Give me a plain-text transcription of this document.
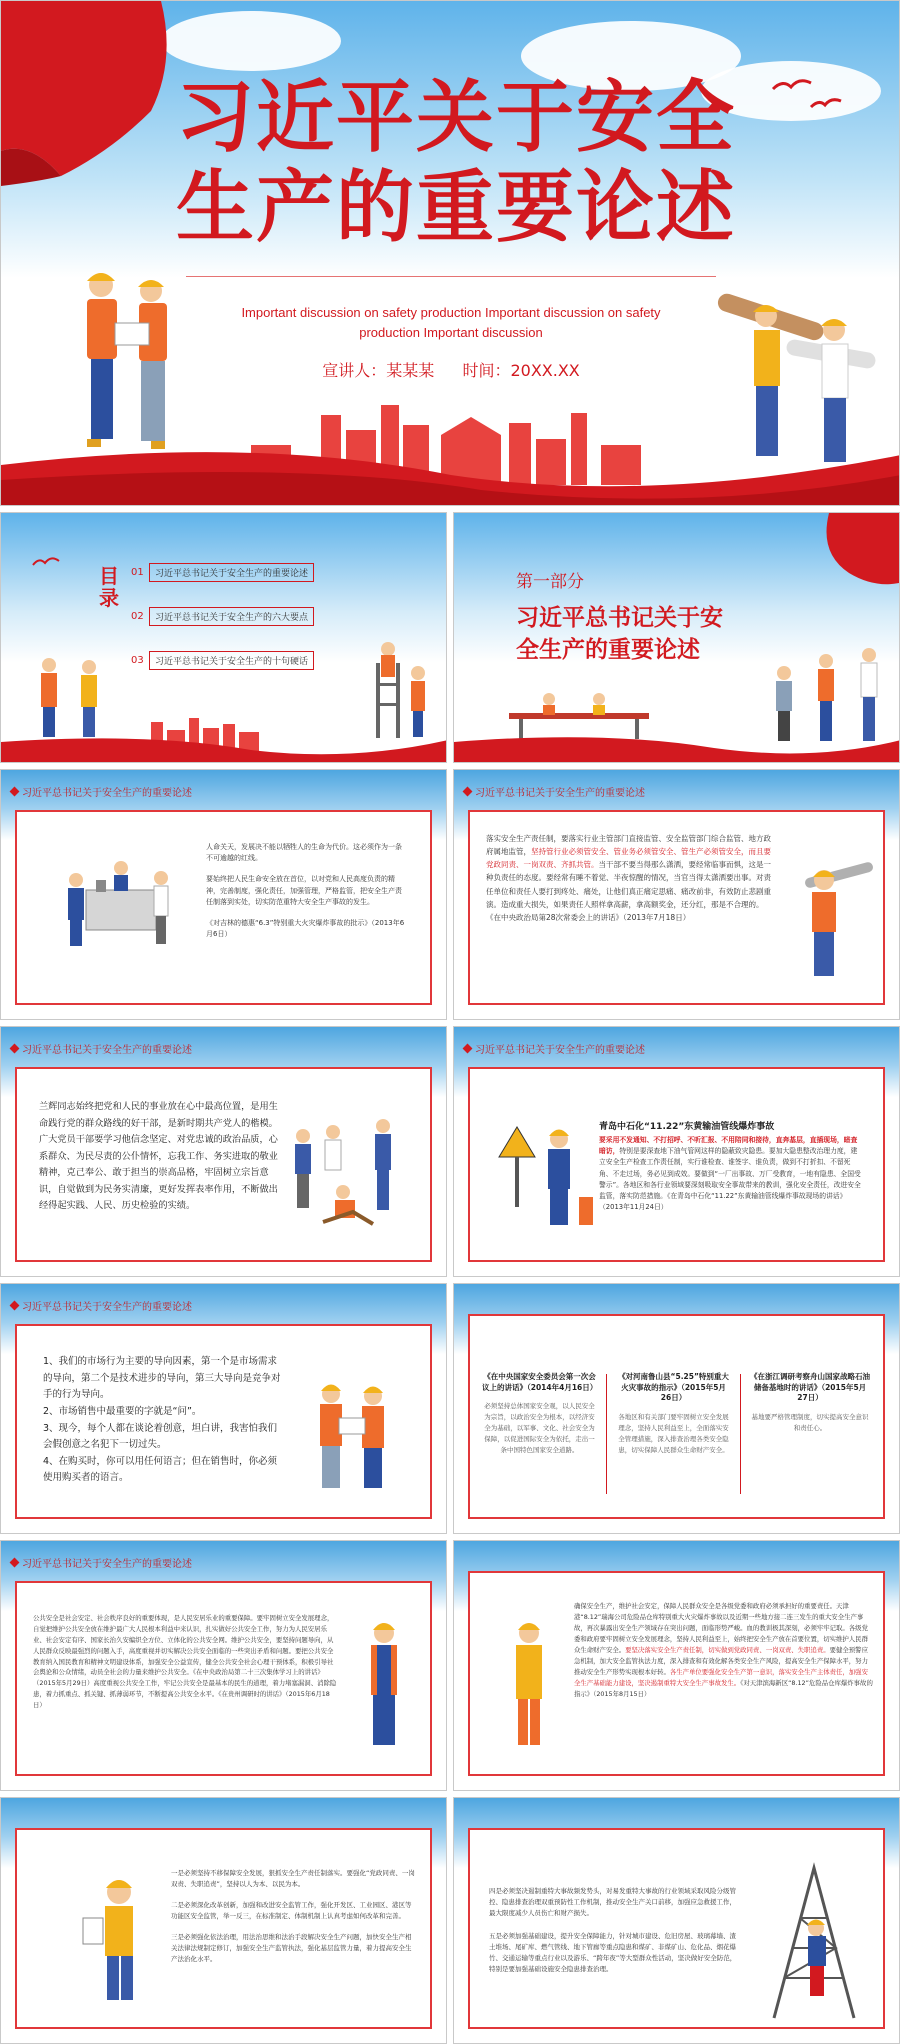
习近平关于安全
生产的重要论述
Important discussion on safety production Important discussion on safety
production Important discussion
宣讲人：某某某 时间：20XX.XX
目录
01	习近平总书记关于安全生产的重要论述
02	习近平总书记关于安全生产的六大要点
03	习近平总书记关于安全生产的十句硬话
第一部分
习近平总书记关于安
全生产的重要论述
习近平总书记关于安全生产的重要论述

人命关天，发展决不能以牺牲人的生命为代价。这必须作为一条不可逾越的红线。

要始终把人民生命安全放在首位，以对党和人民高度负责的精神，完善制度，强化责任，加强管理，严格监管，把安全生产责任制落到实处，切实防范重特大安全生产事故的发生。

《对吉林的德惠“6.3”特别重大火灾爆炸事故的批示》（2013年6月6日）

习近平总书记关于安全生产的重要论述
落实安全生产责任制，要落实行业主管部门直接监管、安全监管部门综合监管、地方政府属地监管，坚持管行业必须管安全、管业务必须管安全、管生产必须管安全，而且要党政同责、一岗双责、齐抓共管。当干部不要当得那么潇洒，要经常临事而惧，这是一种负责任的态度。要经常有睡不着觉、半夜惊醒的情况，当官当得太潇洒要出事。对责任单位和责任人要打到疼处、痛处，让他们真正痛定思痛、痛改前非，有效防止悲剧重演。造成重大损失，如果责任人照样拿高薪，拿高额奖金，还分红，那是不合理的。《在中央政治局第28次常委会上的讲话》（2013年7月18日）
习近平总书记关于安全生产的重要论述
兰辉同志始终把党和人民的事业放在心中最高位置，是用生命践行党的群众路线的好干部，是新时期共产党人的楷模。广大党员干部要学习他信念坚定、对党忠诚的政治品质，心系群众、为民尽责的公仆情怀，忘我工作、务实进取的敬业精神，克己奉公、敢于担当的崇高品格，牢固树立宗旨意识，自觉做到为民务实清廉，更好发挥表率作用，不断做出经得起实践、人民、历史检验的实绩。
习近平总书记关于安全生产的重要论述
青岛中石化“11.22”东黄输油管线爆炸事故
要采用不发通知、不打招呼、不听汇报、不用陪同和接待，直奔基层，直插现场，暗查暗访，特别是要深查地下油气管网这样的隐蔽致灾隐患。要加大隐患整改治理力度，建立安全生产检查工作责任制，实行谁检查、谁签字、谁负责，做到不打折扣、不留死角、不走过场，务必见到成效。要做到“一厂出事故、万厂受教育，一地有隐患、全国受警示”。各地区和各行业领域要深刻吸取安全事故带来的教训，强化安全责任，改进安全监管，落实防范措施。《在青岛中石化“11.22”东黄输油管线爆炸事故现场的讲话》（2013年11月24日）
习近平总书记关于安全生产的重要论述

1、我们的市场行为主要的导向因素，第一个是市场需求的导向，第二个是技术进步的导向，第三大导向是竞争对手的行为导向。

2、市场销售中最重要的字就是“问”。

3、现今，每个人都在谈论着创意，坦白讲，我害怕我们会假创意之名犯下一切过失。

4、在购买时，你可以用任何语言；但在销售时，你必须使用购买者的语言。

《在中央国家安全委员会第一次会议上的讲话》（2014年4月16日）
必须坚持总体国家安全观，以人民安全为宗旨，以政治安全为根本，以经济安全为基础，以军事、文化、社会安全为保障，以促进国际安全为依托，走出一条中国特色国家安全道路。
《对河南鲁山县“5.25”特别重大火灾事故的指示》（2015年5月26日）
各地区和有关部门要牢固树立安全发展理念，坚持人民利益至上，全面落实安全管理措施，深入排查治理各类安全隐患，切实保障人民群众生命财产安全。
《在浙江调研考察舟山国家战略石油储备基地时的讲话》（2015年5月27日）
基地要严格管理制度，切实提高安全意识和责任心。
习近平总书记关于安全生产的重要论述
公共安全是社会安定、社会秩序良好的重要体现，是人民安居乐业的重要保障。要牢固树立安全发展理念，自觉把维护公共安全放在维护最广大人民根本利益中来认识，扎实做好公共安全工作，努力为人民安居乐业、社会安定有序、国家长治久安编织全方位、立体化的公共安全网。维护公共安全，要坚持问题导向，从人民群众反映最强烈的问题入手，高度重视并切实解决公共安全面临的一些突出矛盾和问题。要把公共安全教育纳入国民教育和精神文明建设体系，加强安全公益宣传，健全公共安全社会心理干预体系，积极引导社会舆论和公众情绪，动员全社会的力量来维护公共安全。《在中央政治局第二十三次集体学习上的讲话》（2015年5月29日）高度重视公共安全工作，牢记公共安全是最基本的民生的道理，着力堵塞漏洞、消除隐患，着力抓重点、抓关键、抓薄弱环节，不断提高公共安全水平。《在贵州调研时的讲话》（2015年6月18日）
确保安全生产，维护社会安定，保障人民群众安全是各级党委和政府必须承担好的重要责任。天津港“8.12”瑞海公司危险品仓库特别重大火灾爆炸事故以及近期一些地方接二连三发生的重大安全生产事故，再次暴露出安全生产领域存在突出问题，面临形势严峻。血的教训极其深刻，必须牢牢记取。各级党委和政府要牢固树立安全发展理念，坚持人民利益至上，始终把安全生产放在首要位置，切实维护人民群众生命财产安全。要坚决落实安全生产责任制，切实做到党政同责、一岗双责、失职追责。要健全预警应急机制，加大安全监管执法力度，深入排查和有效化解各类安全生产风险，提高安全生产保障水平，努力推动安全生产形势实现根本好转。各生产单位要强化安全生产第一意识，落实安全生产主体责任，加强安全生产基础能力建设，坚决遏制重特大安全生产事故发生。《对天津滨海新区“8.12”危险品仓库爆炸事故的指示》（2015年8月15日）

一是必须坚持不移保障安全发展，狠抓安全生产责任制落实。要强化“党政同责、一岗双责、失职追责”，坚持以人为本、以民为本。

二是必须深化改革创新，加强和改进安全监管工作，强化开发区、工业园区、港区等功能区安全监管，举一反三，在标准制定、体制机制上认真考虑如何改革和完善。

三是必须强化依法治理，用法治思维和法治手段解决安全生产问题，加快安全生产相关法律法规制定修订，加强安全生产监管执法，强化基层监管力量，着力提高安全生产法治化水平。

四是必须坚决遏制重特大事故频发势头，对易发重特大事故的行业领域采取风险分级管控、隐患排查治理双重预防性工作机制，推动安全生产关口前移，加强应急救援工作，最大限度减少人员伤亡和财产损失。

五是必须加强基础建设，提升安全保障能力，针对城市建设、危旧房屋、玻璃幕墙、渣土堆场、尾矿库、燃气管线、地下管廊等重点隐患和煤矿、非煤矿山、危化品、烟花爆竹、交通运输等重点行业以及游乐、“跨年夜”等大型群众性活动，坚决做好安全防范，特别是要加强基础设施安全隐患排查治理。
